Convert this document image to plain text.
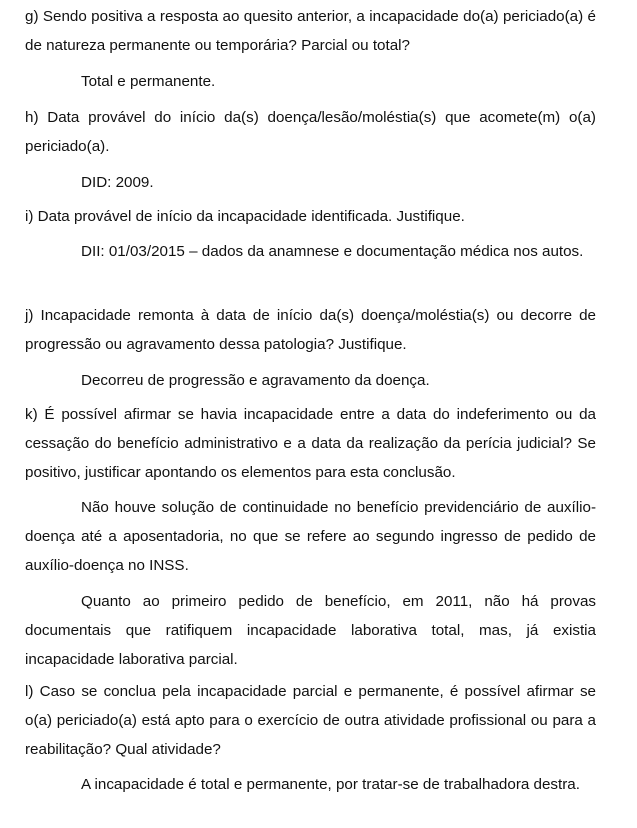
g) Sendo positiva a resposta ao quesito anterior, a incapacidade do(a) periciado(a) é de natureza permanente ou temporária? Parcial ou total?

Total e permanente.

h) Data provável do início da(s) doença/lesão/moléstia(s) que acomete(m) o(a) periciado(a).

DID: 2009.

i) Data provável de início da incapacidade identificada. Justifique.

DII: 01/03/2015 – dados da anamnese e documentação médica nos autos.

j) Incapacidade remonta à data de início da(s) doença/moléstia(s) ou decorre de progressão ou agravamento dessa patologia? Justifique.

Decorreu de progressão e agravamento da doença.

k) É possível afirmar se havia incapacidade entre a data do indeferimento ou da cessação do benefício administrativo e a data da realização da perícia judicial? Se positivo, justificar apontando os elementos para esta conclusão.

Não houve solução de continuidade no benefício previdenciário de auxílio-doença até a aposentadoria, no que se refere ao segundo ingresso de pedido de auxílio-doença no INSS.

Quanto ao primeiro pedido de benefício, em 2011, não há provas documentais que ratifiquem incapacidade laborativa total, mas, já existia incapacidade laborativa parcial.

l) Caso se conclua pela incapacidade parcial e permanente, é possível afirmar se o(a) periciado(a) está apto para o exercício de outra atividade profissional ou para a reabilitação? Qual atividade?

A incapacidade é total e permanente, por tratar-se de trabalhadora destra.
